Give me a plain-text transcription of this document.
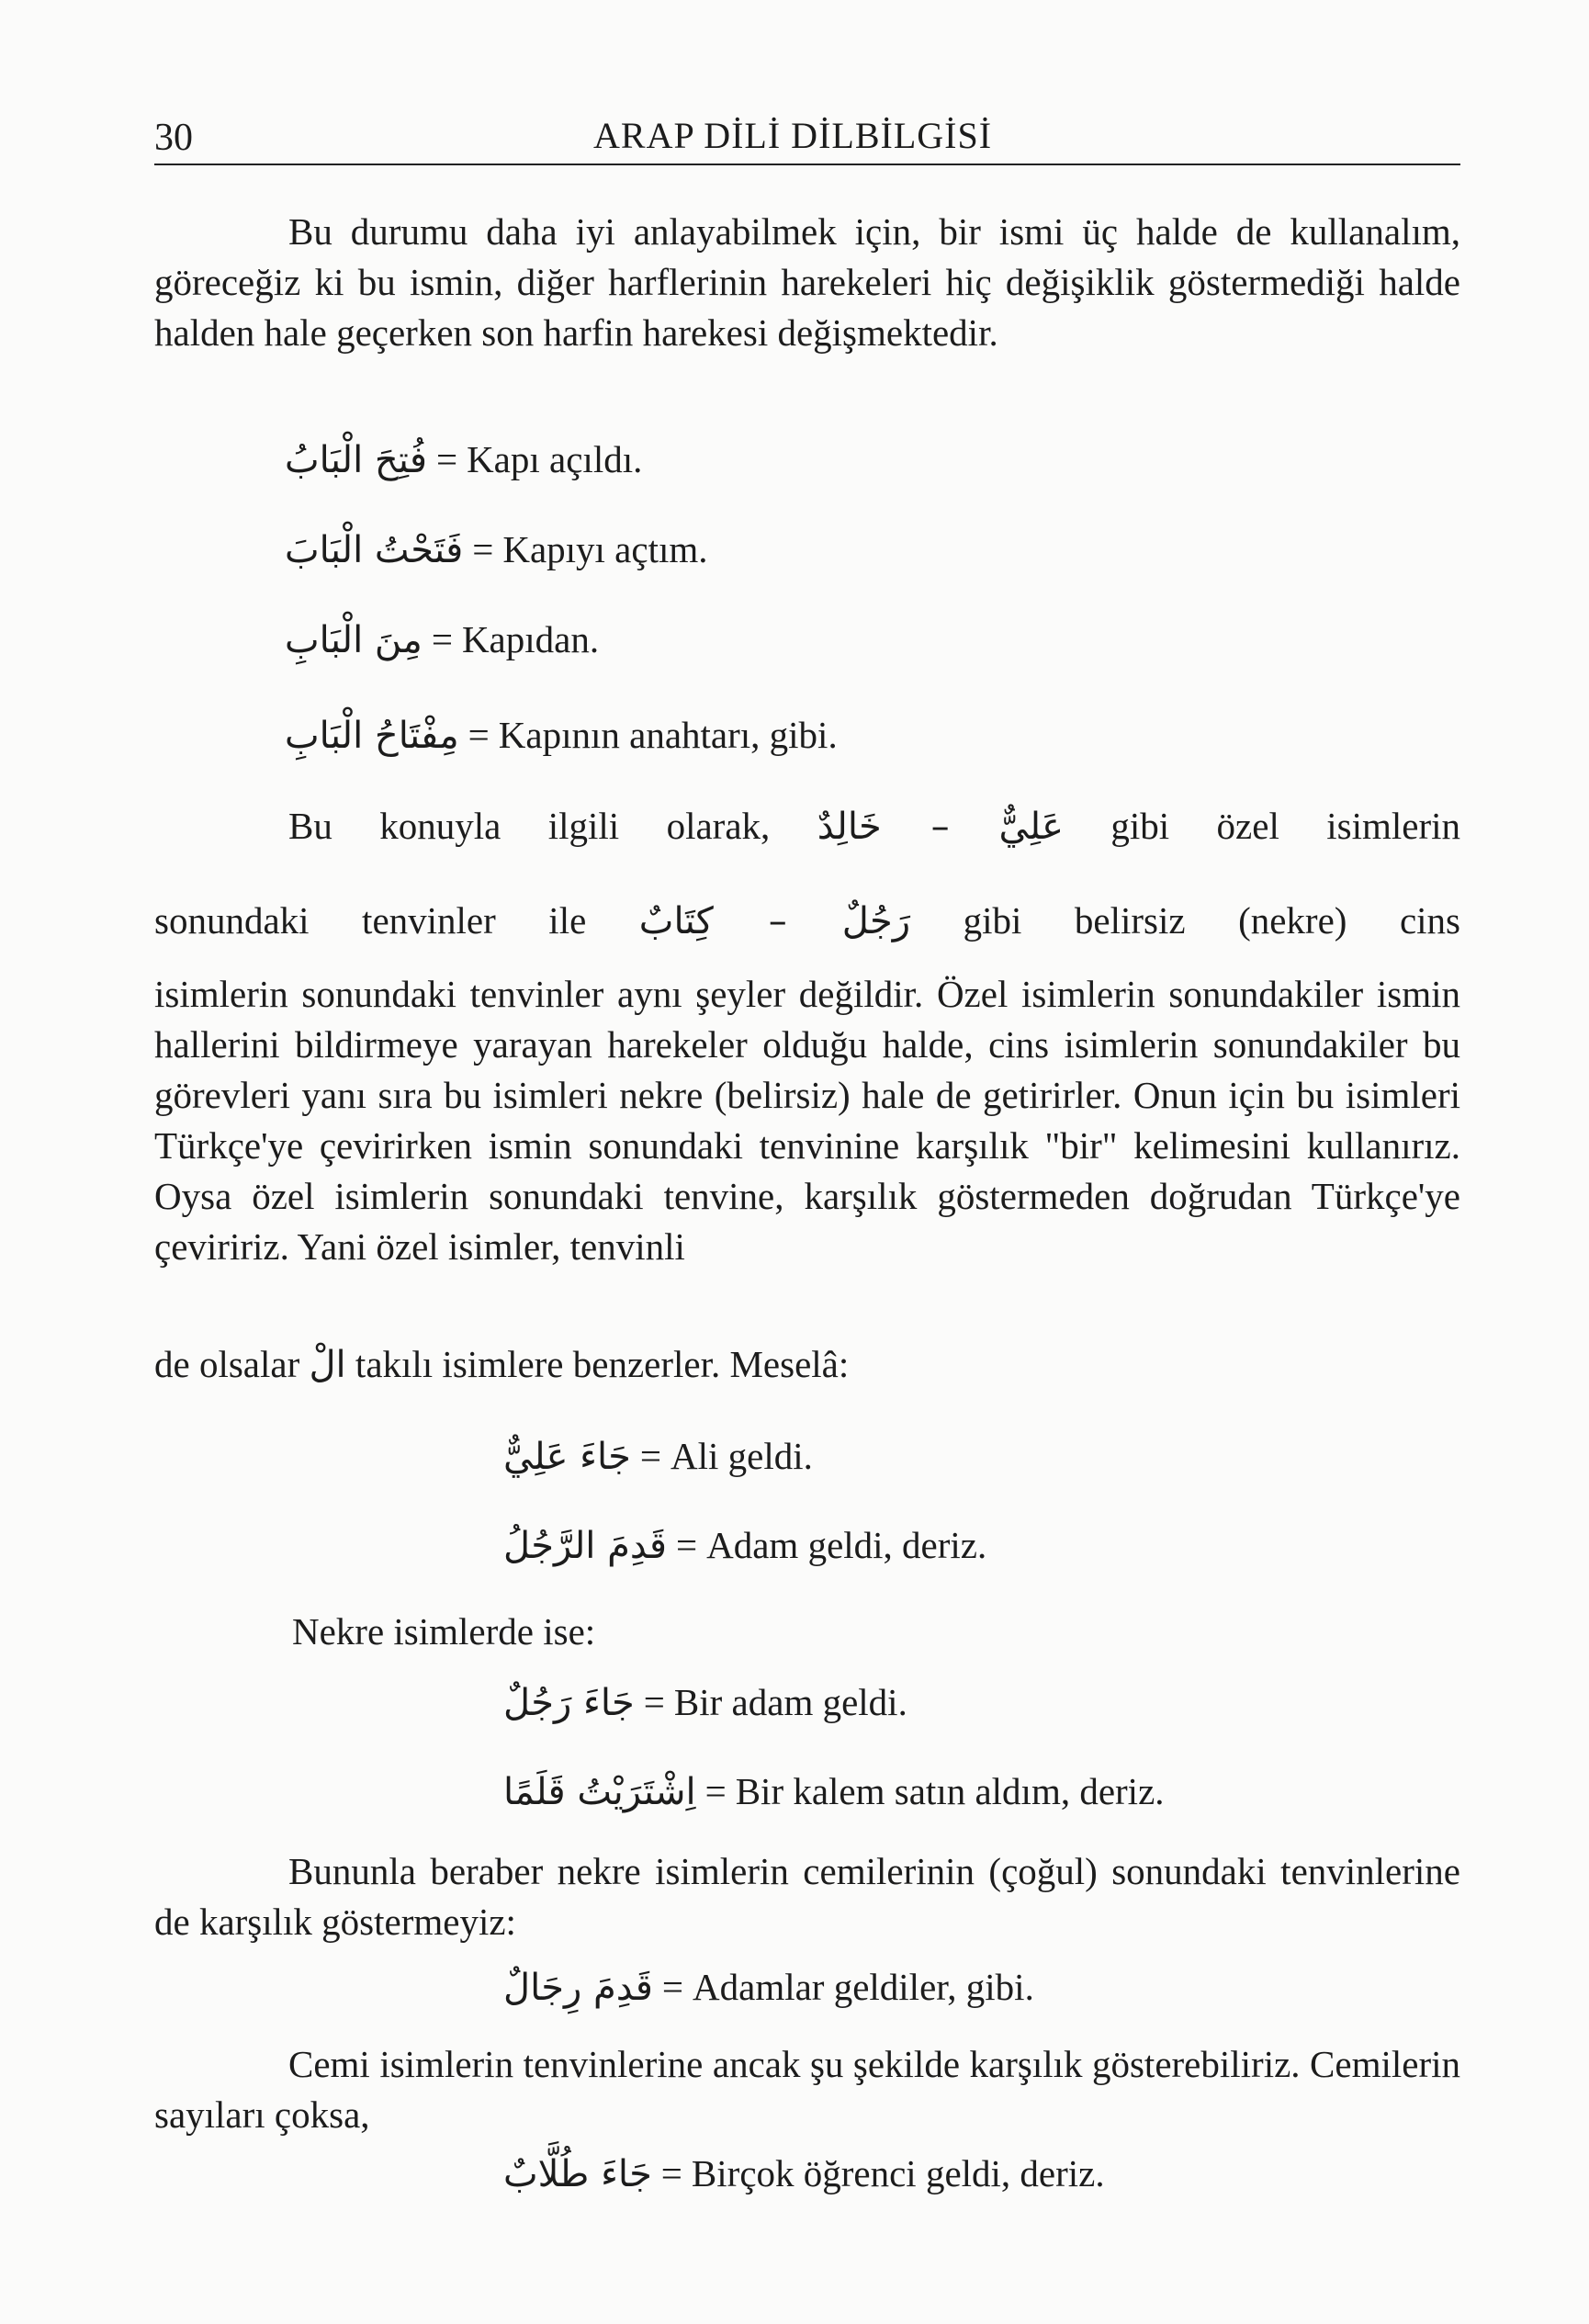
30	ARAP DİLİ DİLBİLGİSİ

Bu durumu daha iyi anlayabilmek için, bir ismi üç halde de kullanalım, göreceğiz ki bu ismin, diğer harflerinin harekeleri hiç değişiklik göstermediği halde halden hale geçerken son harfin harekesi değişmektedir.

فُتِحَ الْبَابُ = Kapı açıldı.
فَتَحْتُ الْبَابَ = Kapıyı açtım.
مِنَ الْبَابِ = Kapıdan.
مِفْتَاحُ الْبَابِ = Kapının anahtarı, gibi.
Bu konuyla ilgili olarak, عَلِيٌّ – خَالِدٌ gibi özel isimlerin
sonundaki tenvinler ile رَجُلٌ – كِتَابٌ gibi belirsiz (nekre) cins

isimlerin sonundaki tenvinler aynı şeyler değildir. Özel isimlerin sonundakiler ismin hallerini bildirmeye yarayan harekeler olduğu halde, cins isimlerin sonundakiler bu görevleri yanı sıra bu isimleri nekre (belirsiz) hale de getirirler. Onun için bu isimleri Türkçe'ye çevirirken ismin sonundaki tenvinine karşılık "bir" kelimesini kullanırız. Oysa özel isimlerin sonundaki tenvine, karşılık göstermeden doğrudan Türkçe'ye çeviririz. Yani özel isimler, tenvinli

de olsalar الْ takılı isimlere benzerler. Meselâ:
جَاءَ عَلِيٌّ = Ali geldi.
قَدِمَ الرَّجُلُ = Adam geldi, deriz.
Nekre isimlerde ise:
جَاءَ رَجُلٌ = Bir adam geldi.
اِشْتَرَيْتُ قَلَمًا = Bir kalem satın aldım, deriz.

Bununla beraber nekre isimlerin cemilerinin (çoğul) sonundaki tenvinlerine de karşılık göstermeyiz:

قَدِمَ رِجَالٌ = Adamlar geldiler, gibi.

Cemi isimlerin tenvinlerine ancak şu şekilde karşılık gösterebiliriz. Cemilerin sayıları çoksa,

جَاءَ طُلَّابٌ = Birçok öğrenci geldi, deriz.
